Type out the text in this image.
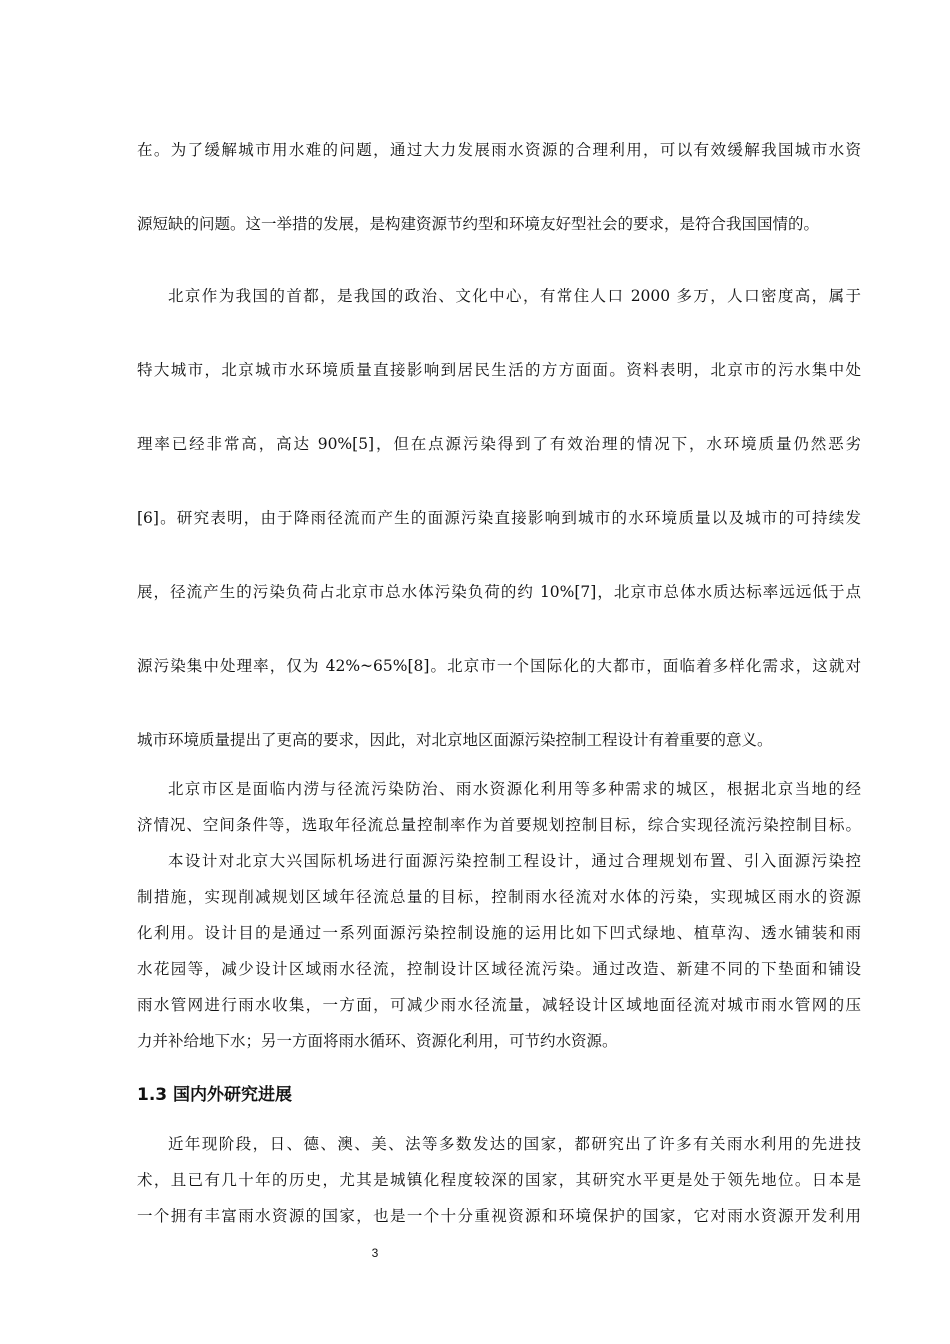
在。为了缓解城市用水难的问题，通过大力发展雨水资源的合理利用，可以有效缓解我国城市水资
源短缺的问题。这一举措的发展，是构建资源节约型和环境友好型社会的要求，是符合我国国情的。
北京作为我国的首都，是我国的政治、文化中心，有常住人口 2000 多万，人口密度高，属于
特大城市，北京城市水环境质量直接影响到居民生活的方方面面。资料表明，北京市的污水集中处
理率已经非常高，高达 90%[5]，但在点源污染得到了有效治理的情况下，水环境质量仍然恶劣
[6]。研究表明，由于降雨径流而产生的面源污染直接影响到城市的水环境质量以及城市的可持续发
展，径流产生的污染负荷占北京市总水体污染负荷的约 10%[7]，北京市总体水质达标率远远低于点
源污染集中处理率，仅为 42%~65%[8]。北京市一个国际化的大都市，面临着多样化需求，这就对
城市环境质量提出了更高的要求，因此，对北京地区面源污染控制工程设计有着重要的意义。
北京市区是面临内涝与径流污染防治、雨水资源化利用等多种需求的城区，根据北京当地的经
济情况、空间条件等，选取年径流总量控制率作为首要规划控制目标，综合实现径流污染控制目标。
本设计对北京大兴国际机场进行面源污染控制工程设计，通过合理规划布置、引入面源污染控
制措施，实现削减规划区域年径流总量的目标，控制雨水径流对水体的污染，实现城区雨水的资源
化利用。设计目的是通过一系列面源污染控制设施的运用比如下凹式绿地、植草沟、透水铺装和雨
水花园等，减少设计区域雨水径流，控制设计区域径流污染。通过改造、新建不同的下垫面和铺设
雨水管网进行雨水收集，一方面，可减少雨水径流量，减轻设计区域地面径流对城市雨水管网的压
力并补给地下水；另一方面将雨水循环、资源化利用，可节约水资源。
1.3 国内外研究进展
近年现阶段，日、德、澳、美、法等多数发达的国家，都研究出了许多有关雨水利用的先进技
术，且已有几十年的历史，尤其是城镇化程度较深的国家，其研究水平更是处于领先地位。日本是
一个拥有丰富雨水资源的国家，也是一个十分重视资源和环境保护的国家，它对雨水资源开发利用
3
